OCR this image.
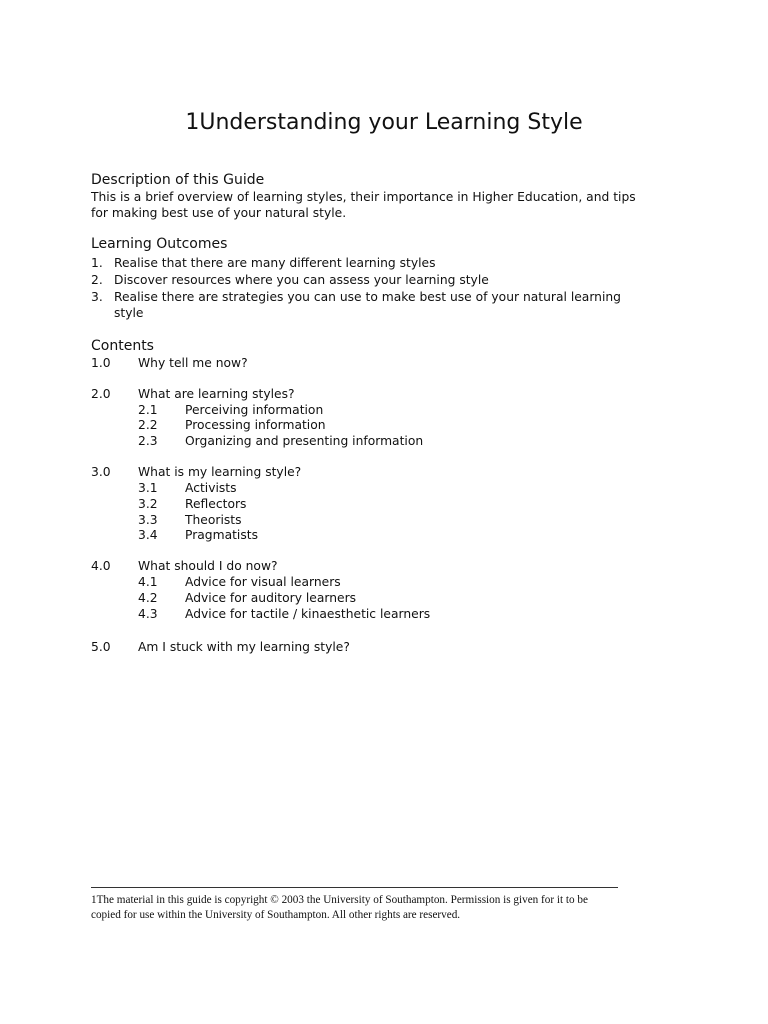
1Understanding your Learning Style
Description of this Guide
This is a brief overview of learning styles, their importance in Higher Education, and tips
for making best use of your natural style.
Learning Outcomes
1. Realise that there are many different learning styles
2. Discover resources where you can assess your learning style
3. Realise there are strategies you can use to make best use of your natural learning
style
Contents
1.0 Why tell me now?
2.0 What are learning styles?
2.1 Perceiving information
2.2 Processing information
2.3 Organizing and presenting information
3.0 What is my learning style?
3.1 Activists
3.2 Reflectors
3.3 Theorists
3.4 Pragmatists
4.0 What should I do now?
4.1 Advice for visual learners
4.2 Advice for auditory learners
4.3 Advice for tactile / kinaesthetic learners
5.0 Am I stuck with my learning style?
1The material in this guide is copyright © 2003 the University of Southampton. Permission is given for it to be
copied for use within the University of Southampton. All other rights are reserved.
